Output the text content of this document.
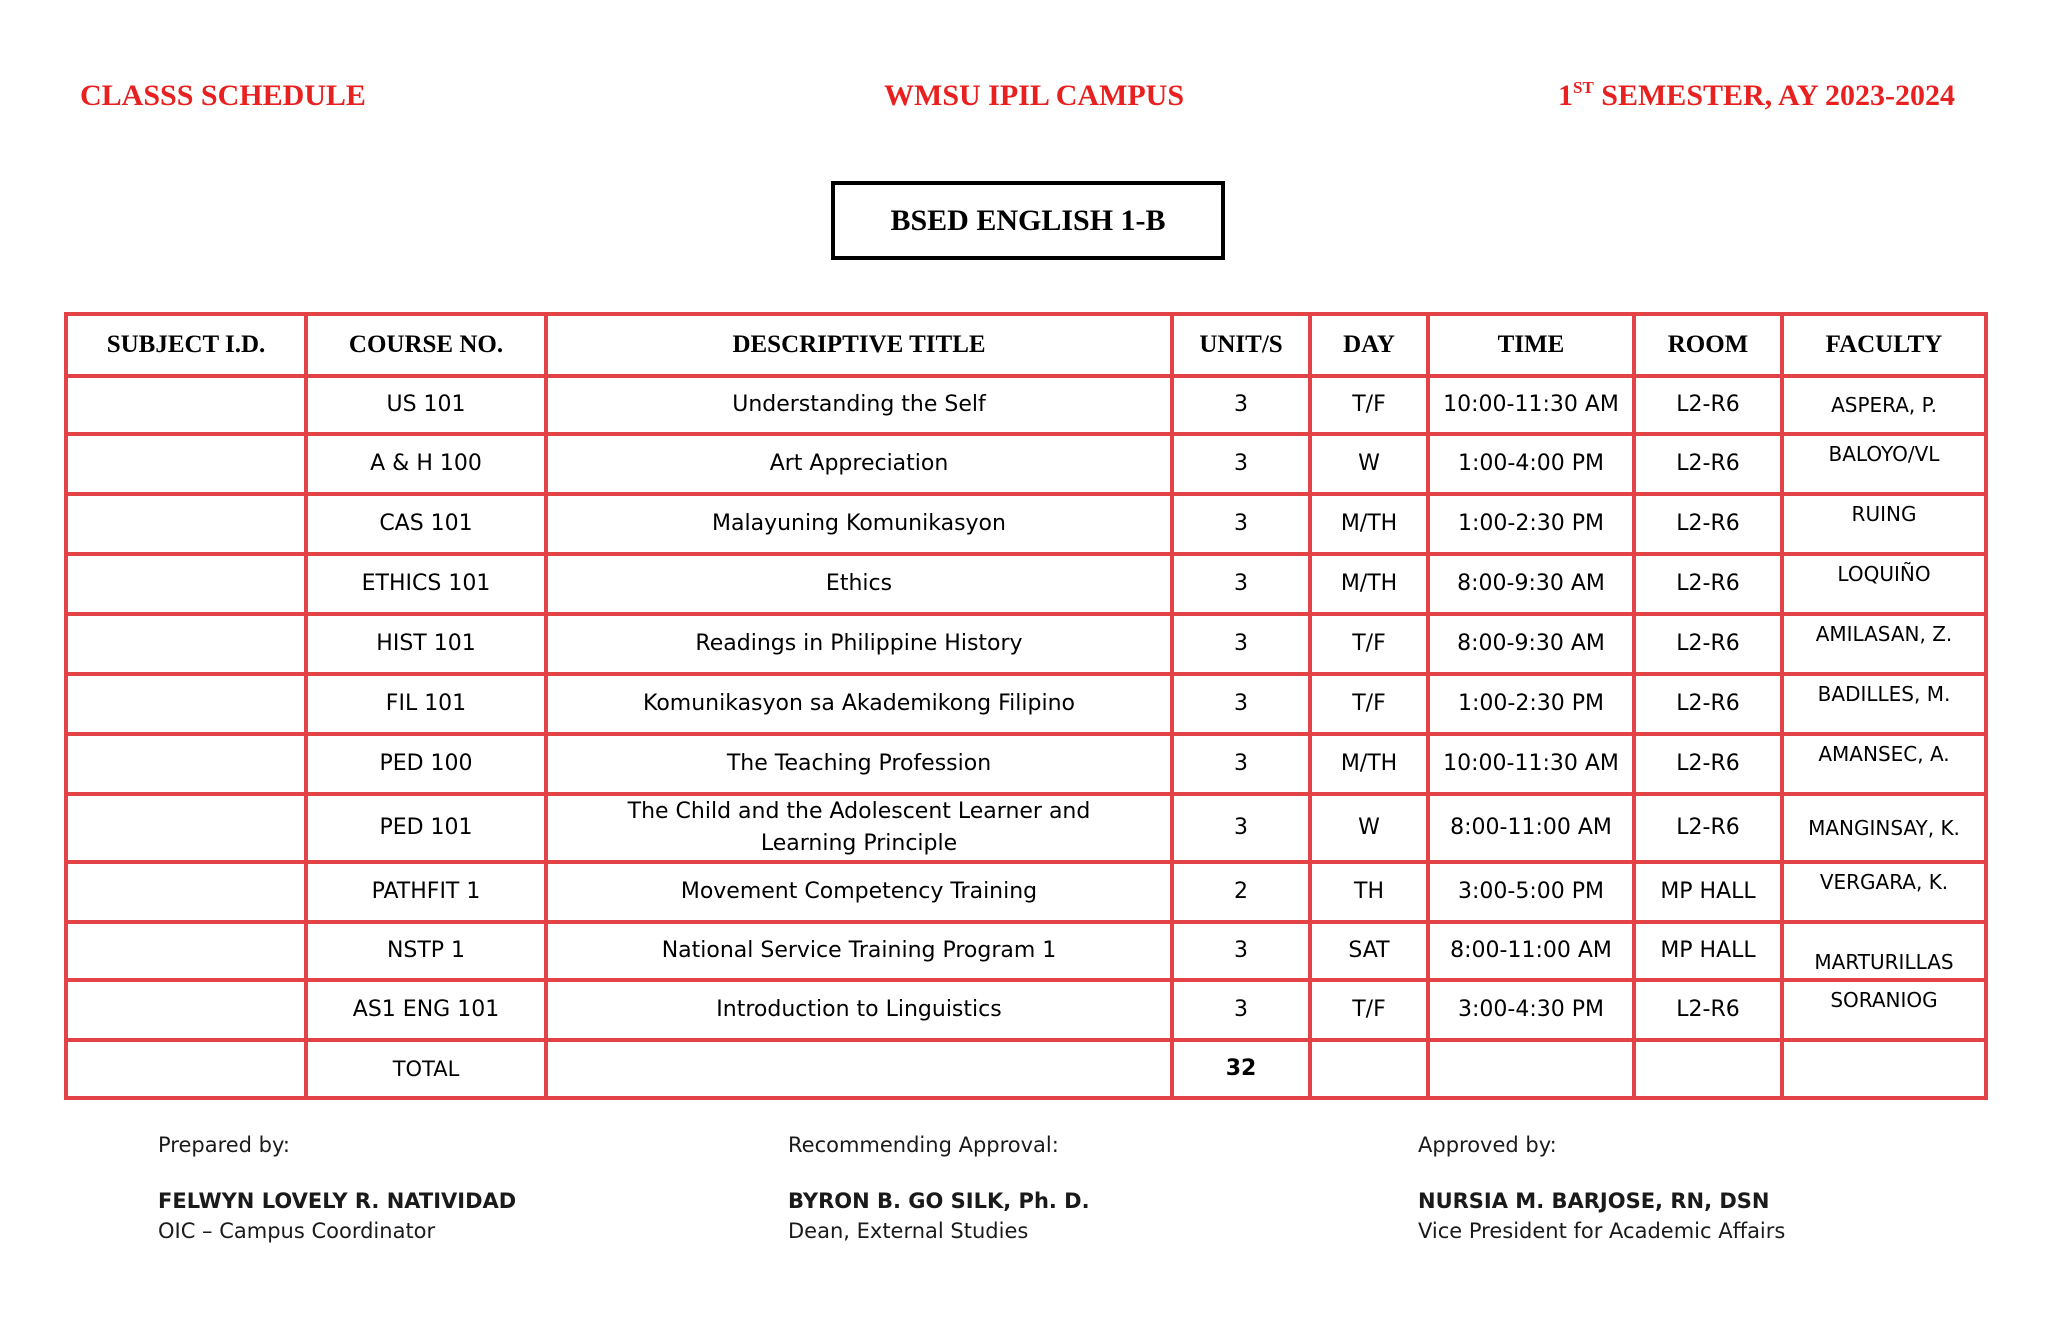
CLASSS SCHEDULE	WMSU IPIL CAMPUS	1ST SEMESTER, AY 2023-2024
BSED ENGLISH 1-B
SUBJECT I.D.	COURSE NO.	DESCRIPTIVE TITLE	UNIT/S	DAY	TIME	ROOM	FACULTY
	US 101	Understanding the Self	3	T/F	10:00-11:30 AM	L2-R6	ASPERA, P.
	A & H 100	Art Appreciation	3	W	1:00-4:00 PM	L2-R6	BALOYO/VL
	CAS 101	Malayuning Komunikasyon	3	M/TH	1:00-2:30 PM	L2-R6	RUING
	ETHICS 101	Ethics	3	M/TH	8:00-9:30 AM	L2-R6	LOQUIÑO
	HIST 101	Readings in Philippine History	3	T/F	8:00-9:30 AM	L2-R6	AMILASAN, Z.
	FIL 101	Komunikasyon sa Akademikong Filipino	3	T/F	1:00-2:30 PM	L2-R6	BADILLES, M.
	PED 100	The Teaching Profession	3	M/TH	10:00-11:30 AM	L2-R6	AMANSEC, A.
	PED 101	The Child and the Adolescent Learner and Learning Principle	3	W	8:00-11:00 AM	L2-R6	MANGINSAY, K.
	PATHFIT 1	Movement Competency Training	2	TH	3:00-5:00 PM	MP HALL	VERGARA, K.
	NSTP 1	National Service Training Program 1	3	SAT	8:00-11:00 AM	MP HALL	MARTURILLAS
	AS1 ENG 101	Introduction to Linguistics	3	T/F	3:00-4:30 PM	L2-R6	SORANIOG
	TOTAL		32				
Prepared by:
FELWYN LOVELY R. NATIVIDAD
OIC – Campus Coordinator
Recommending Approval:
BYRON B. GO SILK, Ph. D.
Dean, External Studies
Approved by:
NURSIA M. BARJOSE, RN, DSN
Vice President for Academic Affairs
